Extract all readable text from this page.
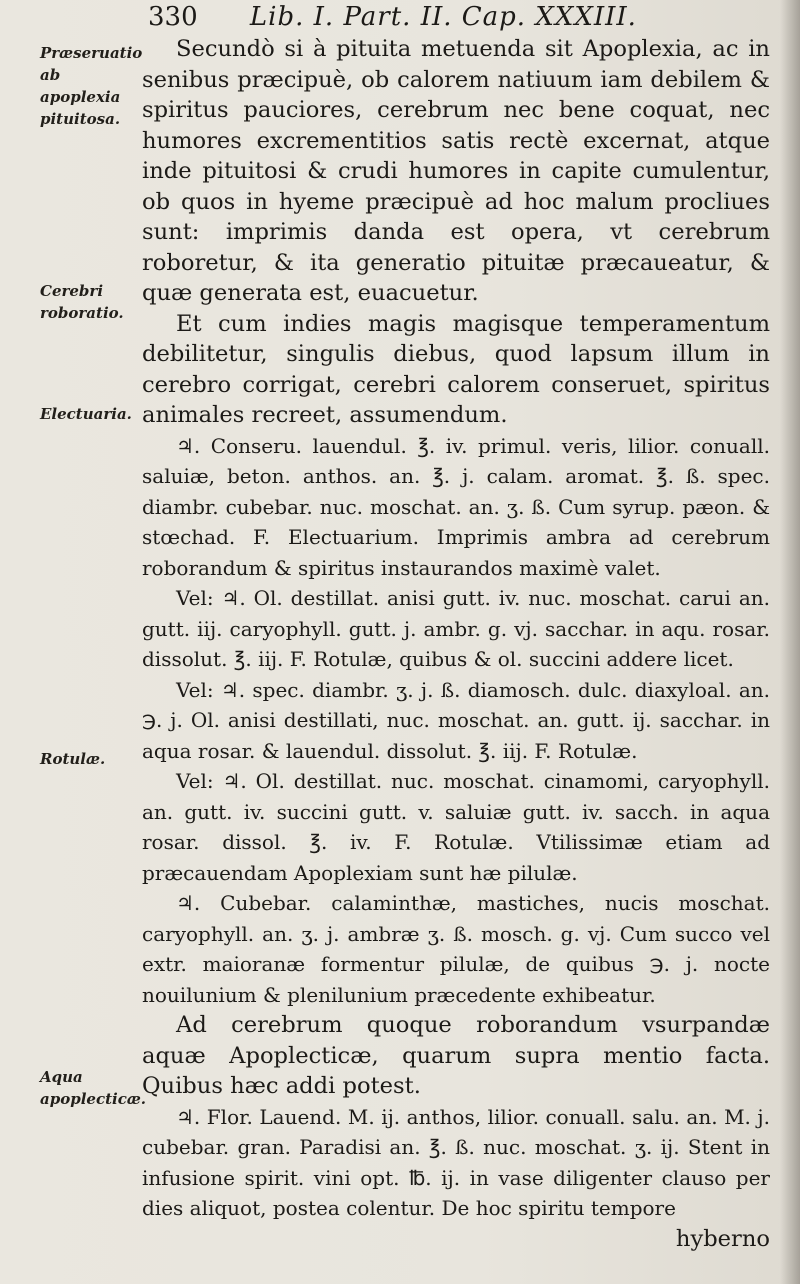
330 Lib. I. Part. II. Cap. XXXIII.
Præseruatio ab apoplexia pituitosa.
Cerebri roboratio.
Electuaria.
Rotulæ.
Aqua apoplecticæ.

Secundò si à pituita metuenda sit Apoplexia, ac in senibus præcipuè, ob calorem natiuum iam debilem & spiritus pauciores, cerebrum nec bene coquat, nec humores excrementitios satis rectè excernat, atque inde pituitosi & crudi humores in capite cumulentur, ob quos in hyeme præcipuè ad hoc malum procliues sunt: imprimis danda est opera, vt cerebrum roboretur, & ita generatio pituitæ præcaueatur, & quæ generata est, euacuetur.

Et cum indies magis magisque temperamentum debilitetur, singulis diebus, quod lapsum illum in cerebro corrigat, cerebri calorem conseruet, spiritus animales recreet, assumendum.

♃. Conseru. lauendul. ℥. iv. primul. veris, lilior. conuall. saluiæ, beton. anthos. an. ℥. j. calam. aromat. ℥. ß. spec. diambr. cubebar. nuc. moschat. an. ʒ. ß. Cum syrup. pæon. & stœchad. F. Electuarium. Imprimis ambra ad cerebrum roborandum & spiritus instaurandos maximè valet.

Vel: ♃. Ol. destillat. anisi gutt. iv. nuc. moschat. carui an. gutt. iij. caryophyll. gutt. j. ambr. g. vj. sacchar. in aqu. rosar. dissolut. ℥. iij. F. Rotulæ, quibus & ol. succini addere licet.

Vel: ♃. spec. diambr. ʒ. j. ß. diamosch. dulc. diaxyloal. an. ℈. j. Ol. anisi destillati, nuc. moschat. an. gutt. ij. sacchar. in aqua rosar. & lauendul. dissolut. ℥. iij. F. Rotulæ.

Vel: ♃. Ol. destillat. nuc. moschat. cinamomi, caryophyll. an. gutt. iv. succini gutt. v. saluiæ gutt. iv. sacch. in aqua rosar. dissol. ℥. iv. F. Rotulæ. Vtilissimæ etiam ad præcauendam Apoplexiam sunt hæ pilulæ.

♃. Cubebar. calaminthæ, mastiches, nucis moschat. caryophyll. an. ʒ. j. ambræ ʒ. ß. mosch. g. vj. Cum succo vel extr. maioranæ formentur pilulæ, de quibus ℈. j. nocte nouilunium & plenilunium præcedente exhibeatur.

Ad cerebrum quoque roborandum vsurpandæ aquæ Apoplecticæ, quarum supra mentio facta. Quibus hæc addi potest.

♃. Flor. Lauend. M. ij. anthos, lilior. conuall. salu. an. M. j. cubebar. gran. Paradisi an. ℥. ß. nuc. moschat. ʒ. ij. Stent in infusione spirit. vini opt. ℔. ij. in vase diligenter clauso per dies aliquot, postea colentur. De hoc spiritu tempore

hyberno
